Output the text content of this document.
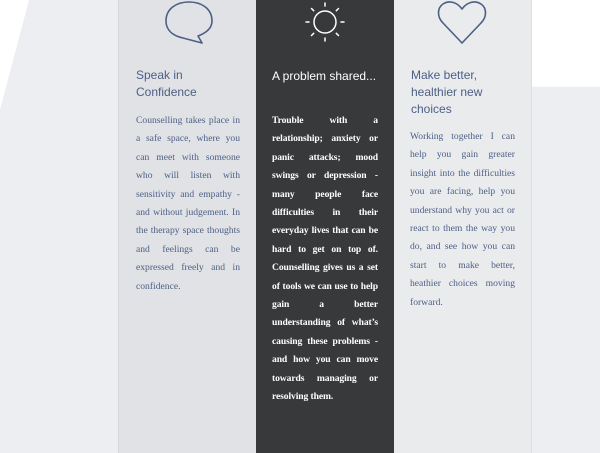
Speak in Confidence

Counselling takes place in a safe space, where you can meet with someone who will listen with sensitivity and empathy - and without judgement. In the therapy space thoughts and feelings can be expressed freely and in confidence.

A problem shared...

Trouble with a relationship; anxiety or panic attacks; mood swings or depression - many people face difficulties in their everyday lives that can be hard to get on top of. Counselling gives us a set of tools we can use to help gain a better understanding of what’s causing these problems - and how you can move towards managing or resolving them.

Make better, healthier new choices

Working together I can help you gain greater insight into the difficulties you are facing, help you understand why you act or react to them the way you do, and see how you can start to make better, heathier choices moving forward.
